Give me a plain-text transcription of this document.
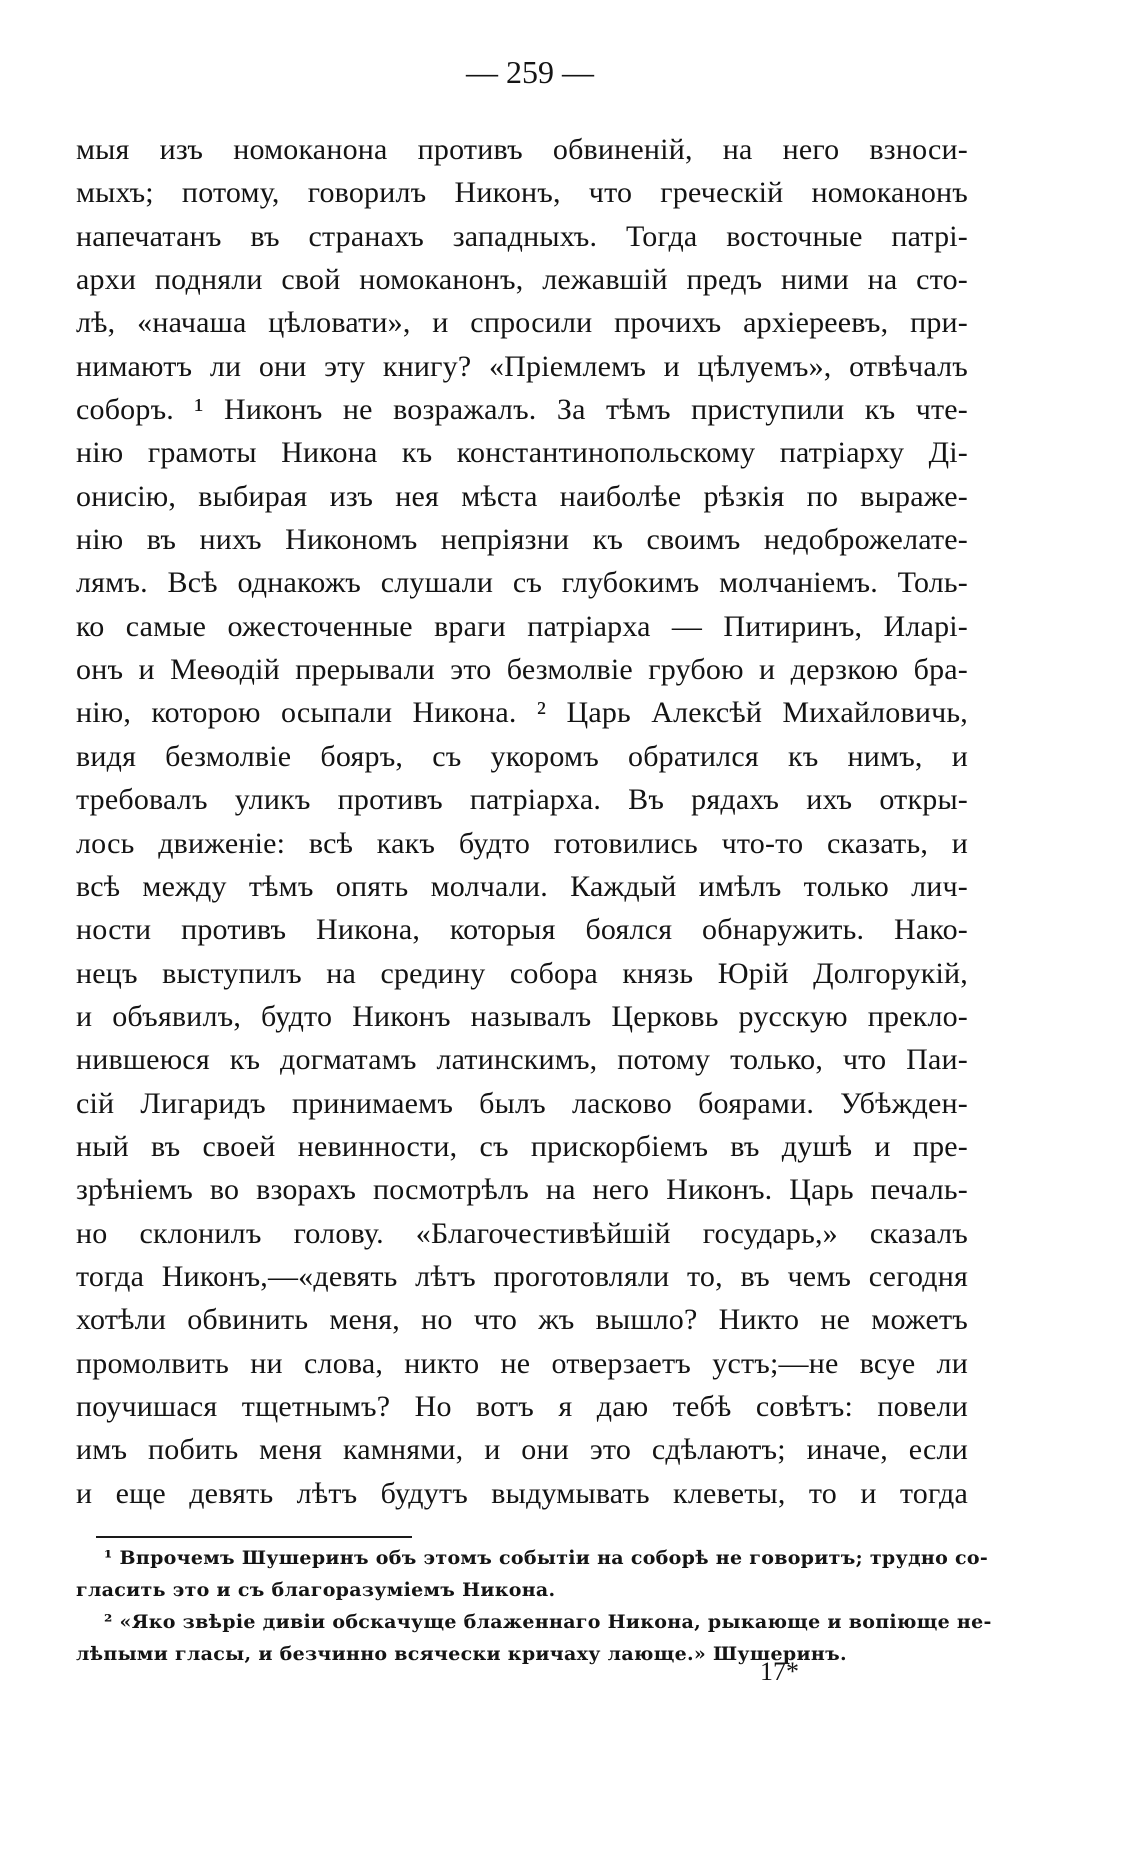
— 259 —
мыя изъ номоканона противъ обвиненій, на него взноси-
мыхъ; потому, говорилъ Никонъ, что греческій номоканонъ
напечатанъ въ странахъ западныхъ. Тогда восточные патрі-
архи подняли свой номоканонъ, лежавшій предъ ними на сто-
лѣ, «начаша цѣловати», и спросили прочихъ архіереевъ, при-
нимаютъ ли они эту книгу? «Пріемлемъ и цѣлуемъ», отвѣчалъ
соборъ. ¹ Никонъ не возражалъ. За тѣмъ приступили къ чте-
нію грамоты Никона къ константинопольскому патріарху Ді-
онисію, выбирая изъ нея мѣста наиболѣе рѣзкія по выраже-
нію въ нихъ Никономъ непріязни къ своимъ недоброжелате-
лямъ. Всѣ однакожъ слушали съ глубокимъ молчаніемъ. Толь-
ко самые ожесточенные враги патріарха — Питиринъ, Иларі-
онъ и Меѳодій прерывали это безмолвіе грубою и дерзкою бра-
нію, которою осыпали Никона. ² Царь Алексѣй Михайловичь,
видя безмолвіе бояръ, съ укоромъ обратился къ нимъ, и
требовалъ уликъ противъ патріарха. Въ рядахъ ихъ откры-
лось движеніе: всѣ какъ будто готовились что-то сказать, и
всѣ между тѣмъ опять молчали. Каждый имѣлъ только лич-
ности противъ Никона, которыя боялся обнаружить. Нако-
нецъ выступилъ на средину собора князь Юрій Долгорукій,
и объявилъ, будто Никонъ называлъ Церковь русскую прекло-
нившеюся къ догматамъ латинскимъ, потому только, что Паи-
сій Лигаридъ принимаемъ былъ ласково боярами. Убѣжден-
ный въ своей невинности, съ прискорбіемъ въ душѣ и пре-
зрѣніемъ во взорахъ посмотрѣлъ на него Никонъ. Царь печаль-
но склонилъ голову. «Благочестивѣйшій государь,» сказалъ
тогда Никонъ,—«девять лѣтъ проготовляли то, въ чемъ сегодня
хотѣли обвинить меня, но что жъ вышло? Никто не можетъ
промолвить ни слова, никто не отверзаетъ устъ;—не всуе ли
поучишася тщетнымъ? Но вотъ я даю тебѣ совѣтъ: повели
имъ побить меня камнями, и они это сдѣлаютъ; иначе, если
и еще девять лѣтъ будутъ выдумывать клеветы, то и тогда
¹ Впрочемъ Шушеринъ объ этомъ событіи на соборѣ не говоритъ; трудно со-
гласить это и съ благоразуміемъ Никона.
² «Яко звѣріе дивіи обскачуще блаженнаго Никона, рыкающе и вопіюще не-
лѣпыми гласы, и безчинно всячески кричаху лающе.» Шушеринъ.
17*
